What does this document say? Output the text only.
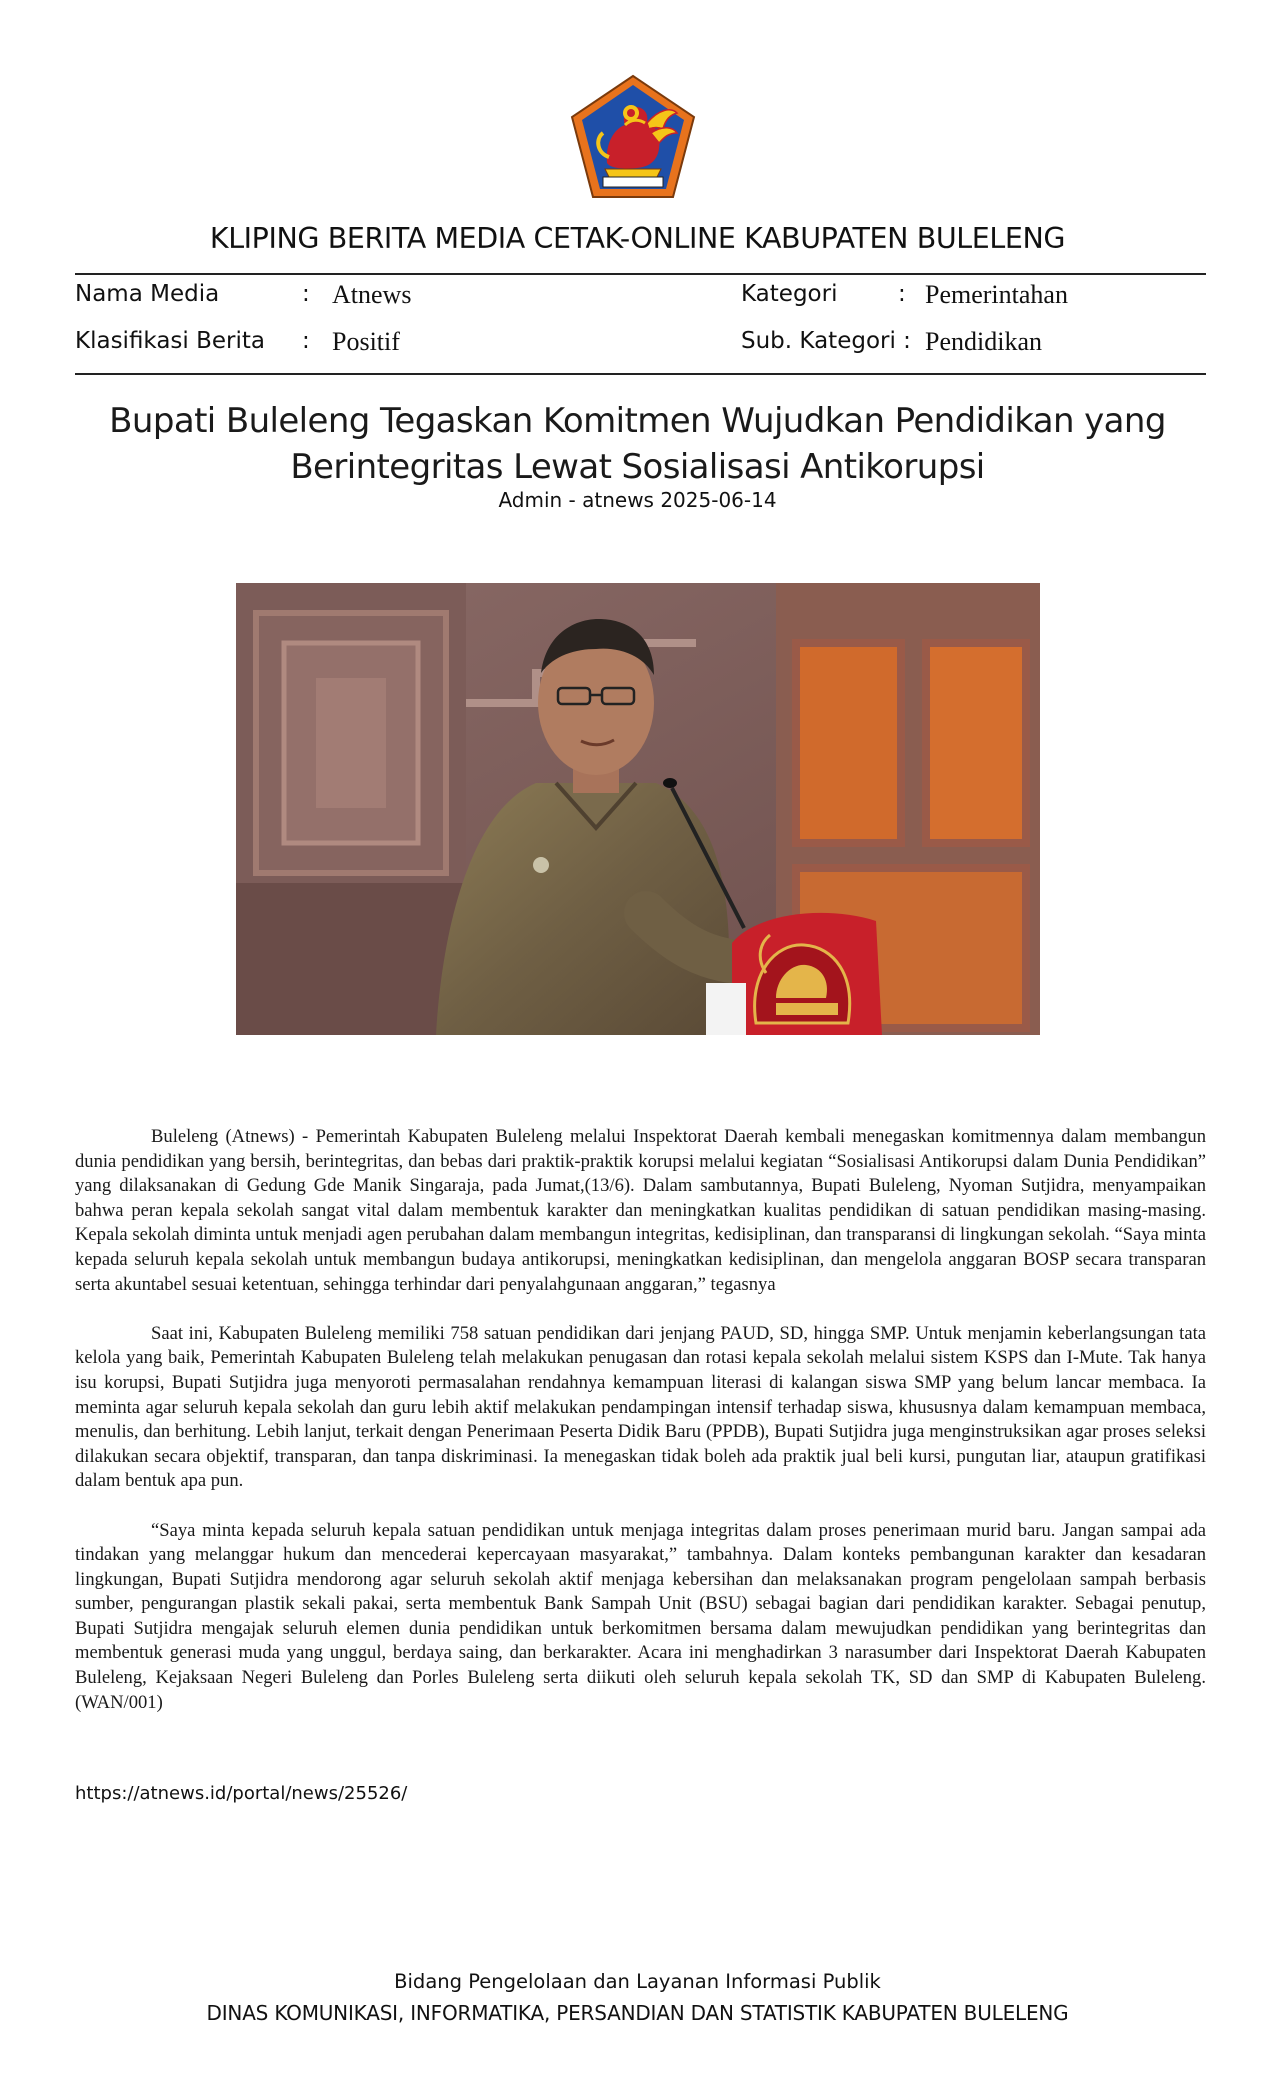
KLIPING BERITA MEDIA CETAK-ONLINE KABUPATEN BULELENG
Nama Media	: Atnews
Klasifikasi Berita : Positif
Kategori	: Pemerintahan
Sub. Kategori : Pendidikan
Bupati Buleleng Tegaskan Komitmen Wujudkan Pendidikan yang
Berintegritas Lewat Sosialisasi Antikorupsi
Admin - atnews 2025-06-14

Buleleng (Atnews) - Pemerintah Kabupaten Buleleng melalui Inspektorat Daerah kembali menegaskan komitmennya dalam membangun dunia pendidikan yang bersih, berintegritas, dan bebas dari praktik-praktik korupsi melalui kegiatan “Sosialisasi Antikorupsi dalam Dunia Pendidikan” yang dilaksanakan di Gedung Gde Manik Singaraja, pada Jumat,(13/6). Dalam sambutannya, Bupati Buleleng, Nyoman Sutjidra, menyampaikan bahwa peran kepala sekolah sangat vital dalam membentuk karakter dan meningkatkan kualitas pendidikan di satuan pendidikan masing-masing. Kepala sekolah diminta untuk menjadi agen perubahan dalam membangun integritas, kedisiplinan, dan transparansi di lingkungan sekolah. “Saya minta kepada seluruh kepala sekolah untuk membangun budaya antikorupsi, meningkatkan kedisiplinan, dan mengelola anggaran BOSP secara transparan serta akuntabel sesuai ketentuan, sehingga terhindar dari penyalahgunaan anggaran,” tegasnya

Saat ini, Kabupaten Buleleng memiliki 758 satuan pendidikan dari jenjang PAUD, SD, hingga SMP. Untuk menjamin keberlangsungan tata kelola yang baik, Pemerintah Kabupaten Buleleng telah melakukan penugasan dan rotasi kepala sekolah melalui sistem KSPS dan I-Mute. Tak hanya isu korupsi, Bupati Sutjidra juga menyoroti permasalahan rendahnya kemampuan literasi di kalangan siswa SMP yang belum lancar membaca. Ia meminta agar seluruh kepala sekolah dan guru lebih aktif melakukan pendampingan intensif terhadap siswa, khususnya dalam kemampuan membaca, menulis, dan berhitung. Lebih lanjut, terkait dengan Penerimaan Peserta Didik Baru (PPDB), Bupati Sutjidra juga menginstruksikan agar proses seleksi dilakukan secara objektif, transparan, dan tanpa diskriminasi. Ia menegaskan tidak boleh ada praktik jual beli kursi, pungutan liar, ataupun gratifikasi dalam bentuk apa pun.

“Saya minta kepada seluruh kepala satuan pendidikan untuk menjaga integritas dalam proses penerimaan murid baru. Jangan sampai ada tindakan yang melanggar hukum dan mencederai kepercayaan masyarakat,” tambahnya. Dalam konteks pembangunan karakter dan kesadaran lingkungan, Bupati Sutjidra mendorong agar seluruh sekolah aktif menjaga kebersihan dan melaksanakan program pengelolaan sampah berbasis sumber, pengurangan plastik sekali pakai, serta membentuk Bank Sampah Unit (BSU) sebagai bagian dari pendidikan karakter. Sebagai penutup, Bupati Sutjidra mengajak seluruh elemen dunia pendidikan untuk berkomitmen bersama dalam mewujudkan pendidikan yang berintegritas dan membentuk generasi muda yang unggul, berdaya saing, dan berkarakter. Acara ini menghadirkan 3 narasumber dari Inspektorat Daerah Kabupaten Buleleng, Kejaksaan Negeri Buleleng dan Porles Buleleng serta diikuti oleh seluruh kepala sekolah TK, SD dan SMP di Kabupaten Buleleng. (WAN/001)

https://atnews.id/portal/news/25526/
Bidang Pengelolaan dan Layanan Informasi Publik
DINAS KOMUNIKASI, INFORMATIKA, PERSANDIAN DAN STATISTIK KABUPATEN BULELENG
